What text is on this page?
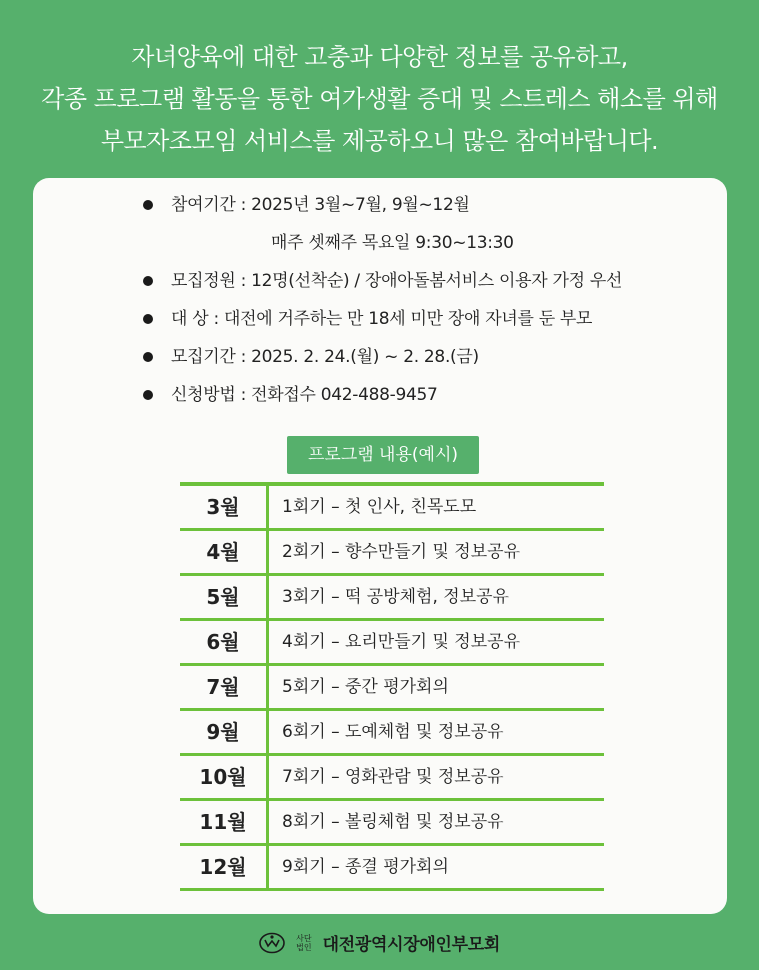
자녀양육에 대한 고충과 다양한 정보를 공유하고,
각종 프로그램 활동을 통한 여가생활 증대 및 스트레스 해소를 위해
부모자조모임 서비스를 제공하오니 많은 참여바랍니다.
참여기간 : 2025년 3월~7월, 9월~12월
매주 셋째주 목요일 9:30~13:30
모집정원 : 12명(선착순) / 장애아돌봄서비스 이용자 가정 우선
대 상 : 대전에 거주하는 만 18세 미만 장애 자녀를 둔 부모
모집기간 : 2025. 2. 24.(월) ~ 2. 28.(금)
신청방법 : 전화접수 042-488-9457
프로그램 내용(예시)
3월	1회기 – 첫 인사, 친목도모
4월	2회기 – 향수만들기 및 정보공유
5월	3회기 – 떡 공방체험, 정보공유
6월	4회기 – 요리만들기 및 정보공유
7월	5회기 – 중간 평가회의
9월	6회기 – 도예체험 및 정보공유
10월	7회기 – 영화관람 및 정보공유
11월	8회기 – 볼링체험 및 정보공유
12월	9회기 – 종결 평가회의
사단
법인 대전광역시장애인부모회
